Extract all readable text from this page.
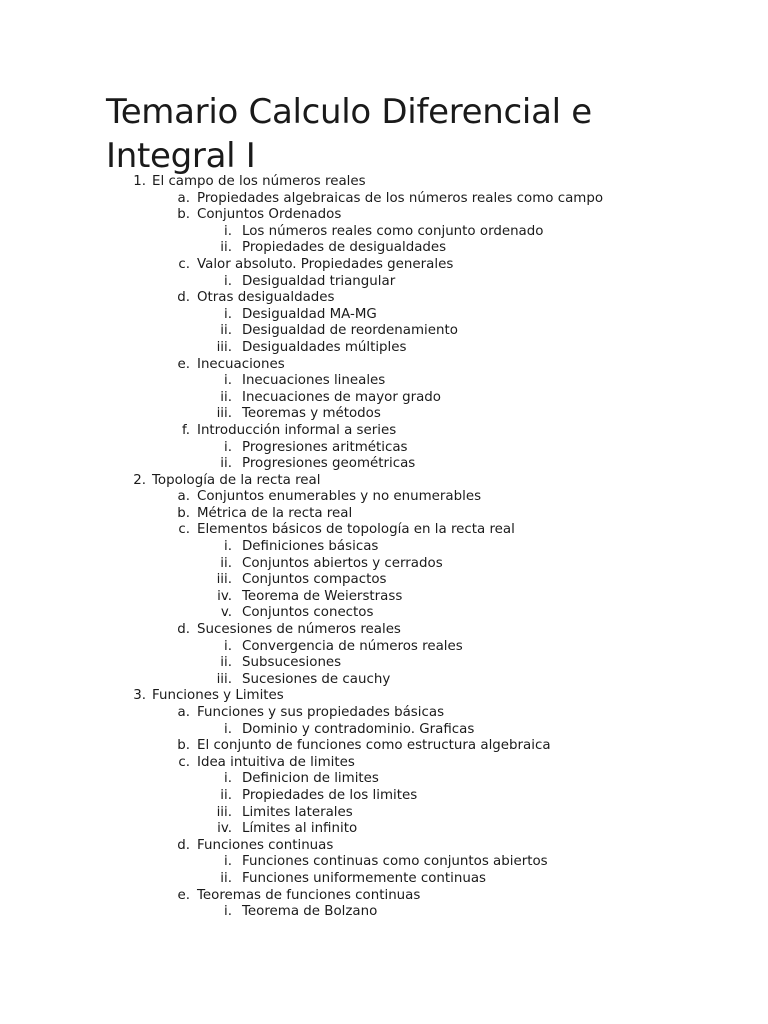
Temario Calculo Diferencial e Integral I
1. El campo de los números reales
a. Propiedades algebraicas de los números reales como campo
b. Conjuntos Ordenados
i. Los números reales como conjunto ordenado
ii. Propiedades de desigualdades
c. Valor absoluto. Propiedades generales
i. Desigualdad triangular
d. Otras desigualdades
i. Desigualdad MA-MG
ii. Desigualdad de reordenamiento
iii. Desigualdades múltiples
e. Inecuaciones
i. Inecuaciones lineales
ii. Inecuaciones de mayor grado
iii. Teoremas y métodos
f. Introducción informal a series
i. Progresiones aritméticas
ii. Progresiones geométricas
2. Topología de la recta real
a. Conjuntos enumerables y no enumerables
b. Métrica de la recta real
c. Elementos básicos de topología en la recta real
i. Definiciones básicas
ii. Conjuntos abiertos y cerrados
iii. Conjuntos compactos
iv. Teorema de Weierstrass
v. Conjuntos conectos
d. Sucesiones de números reales
i. Convergencia de números reales
ii. Subsucesiones
iii. Sucesiones de cauchy
3. Funciones y Limites
a. Funciones y sus propiedades básicas
i. Dominio y contradominio. Graficas
b. El conjunto de funciones como estructura algebraica
c. Idea intuitiva de limites
i. Definicion de limites
ii. Propiedades de los limites
iii. Limites laterales
iv. Límites al infinito
d. Funciones continuas
i. Funciones continuas como conjuntos abiertos
ii. Funciones uniformemente continuas
e. Teoremas de funciones continuas
i. Teorema de Bolzano
